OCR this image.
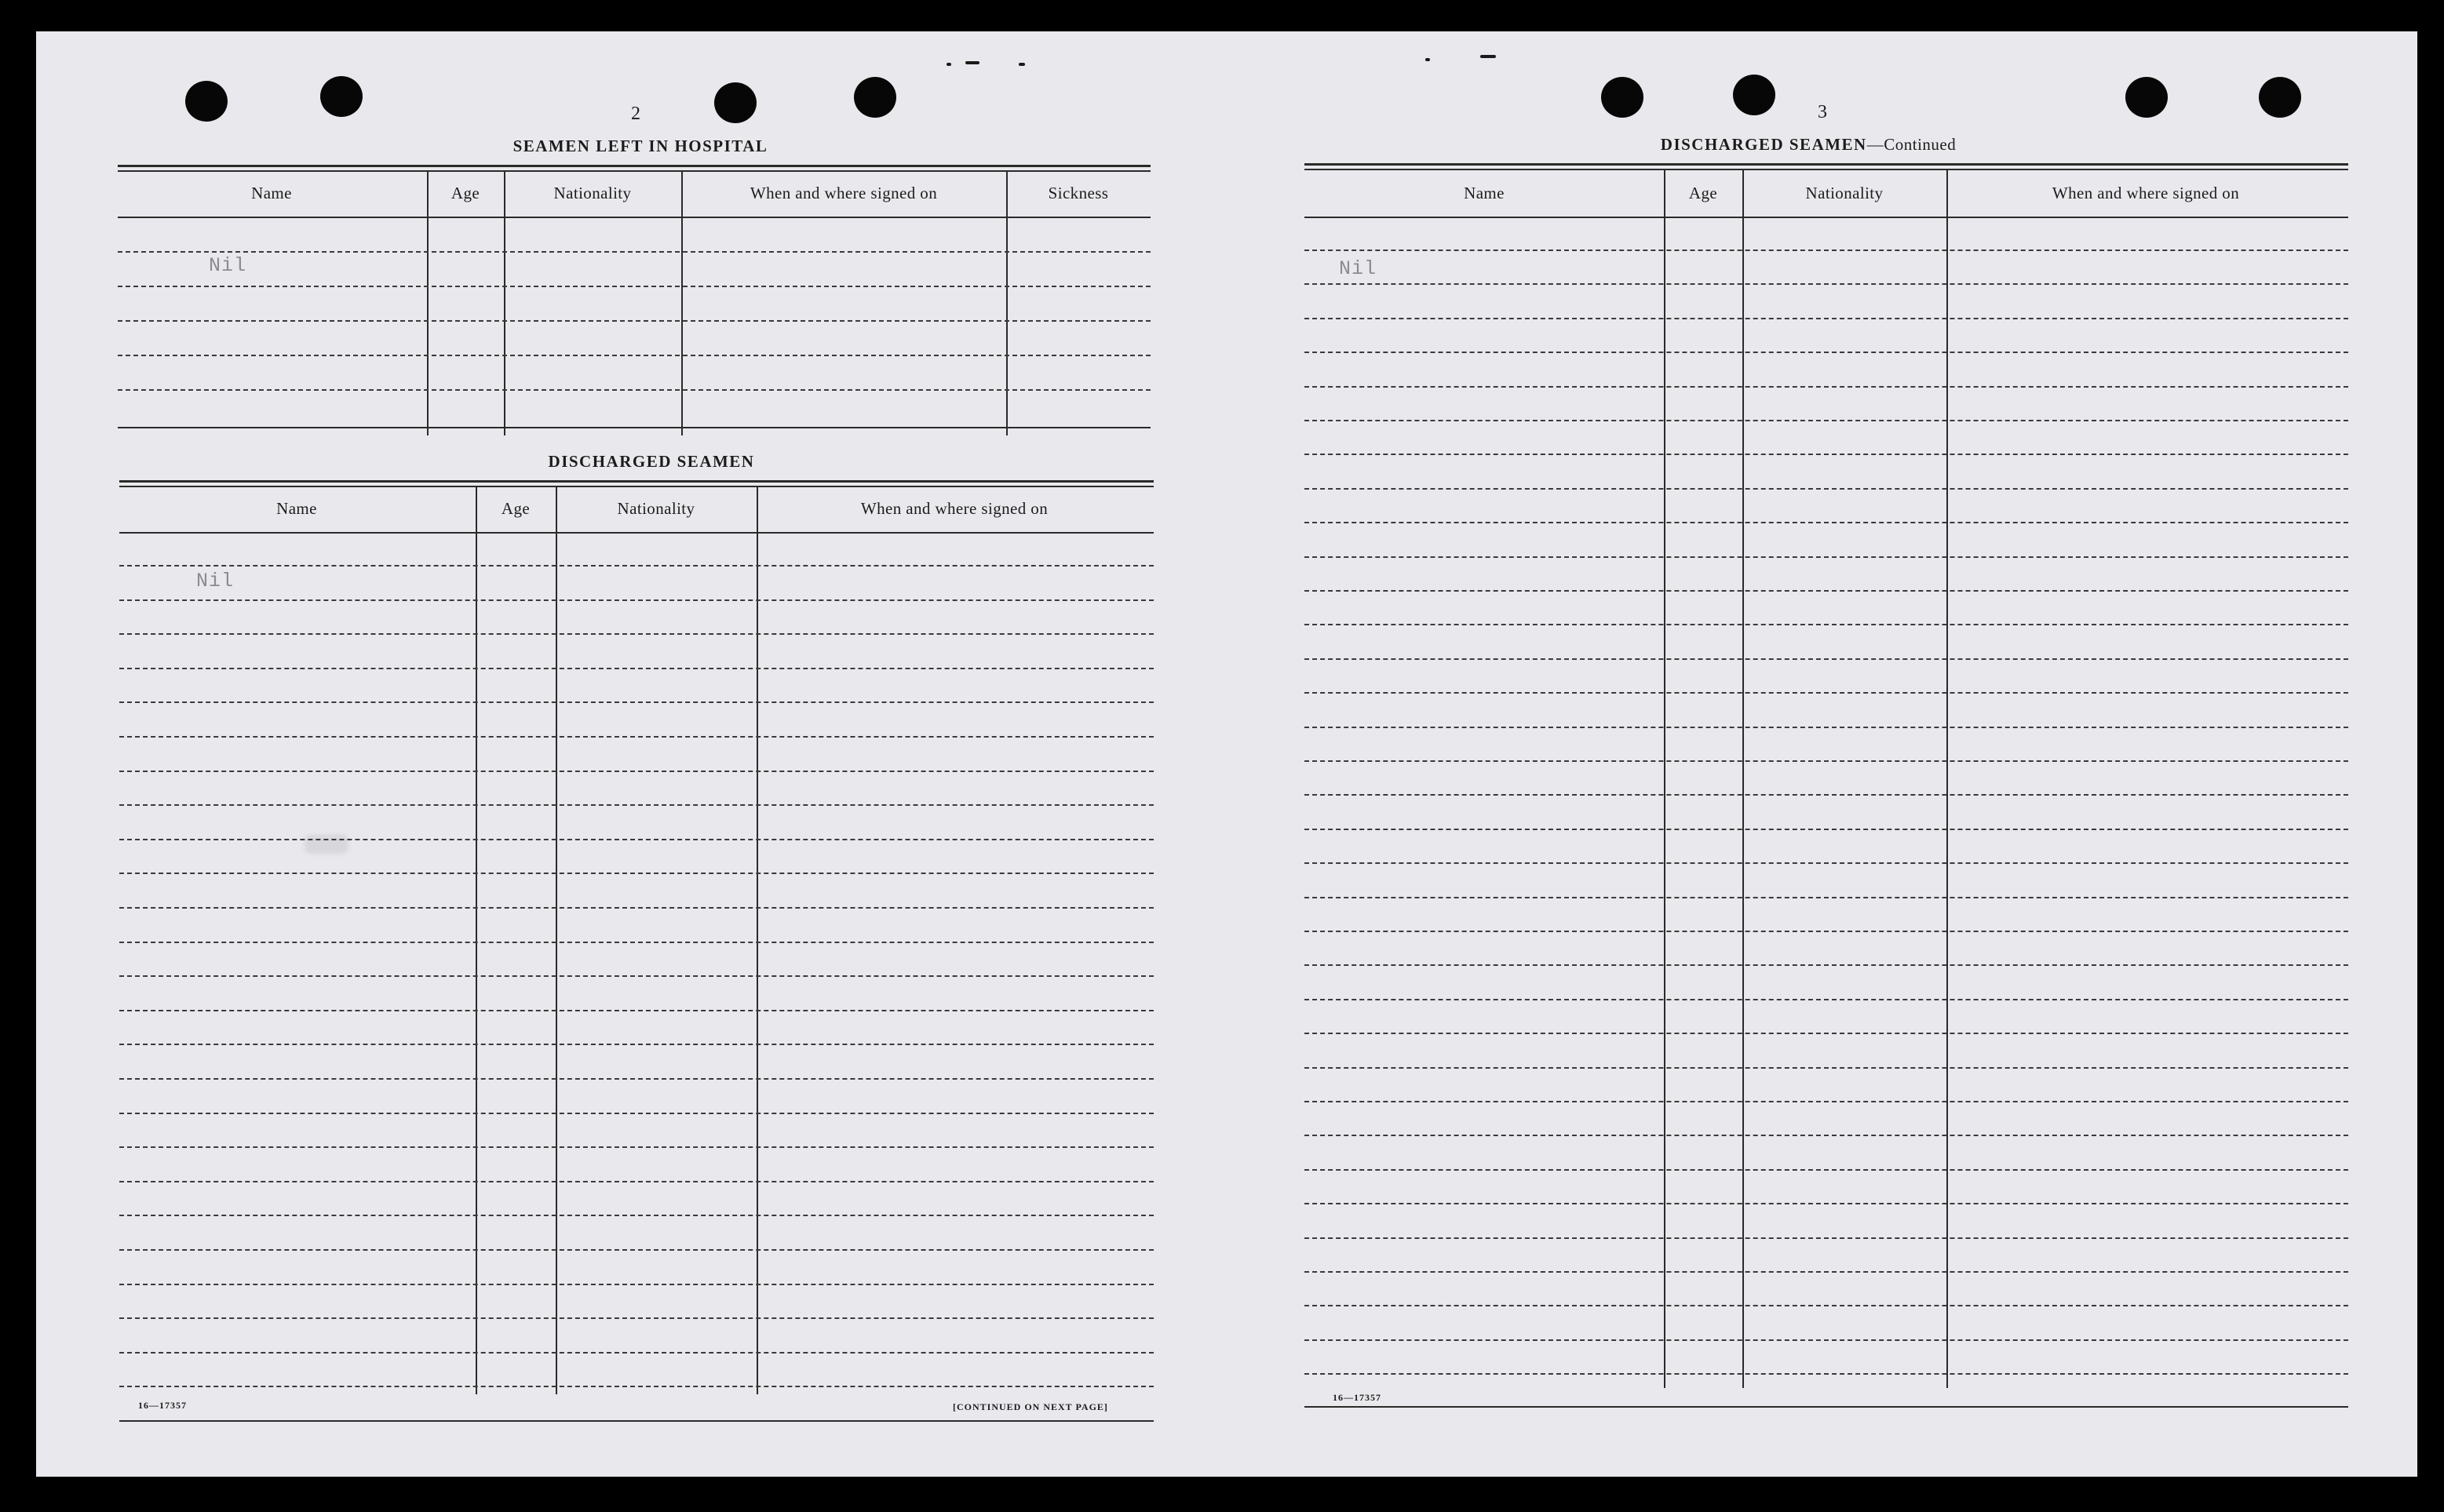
2
SEAMEN LEFT IN HOSPITAL
Name	Age	Nationality	When and where signed on	Sickness
Nil
DISCHARGED SEAMEN
Name	Age	Nationality	When and where signed on
Nil
16—17357	[CONTINUED ON NEXT PAGE]
3
DISCHARGED SEAMEN—Continued
Name	Age	Nationality	When and where signed on
Nil
16—17357
